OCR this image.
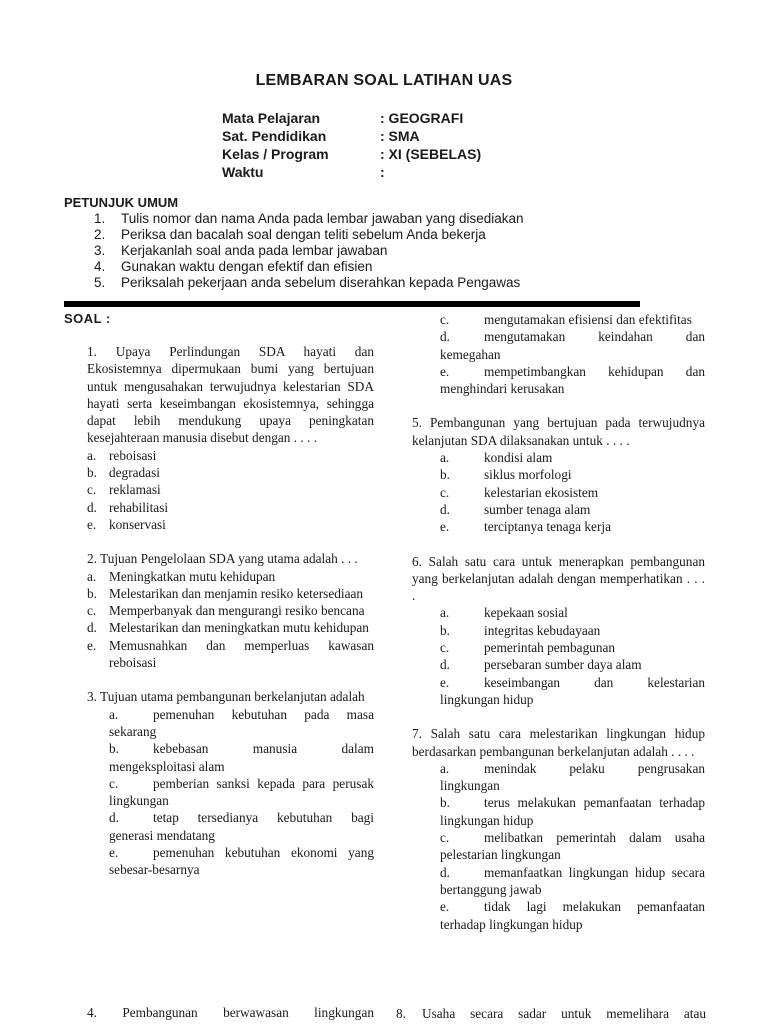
LEMBARAN SOAL LATIHAN UAS
Mata Pelajaran	: GEOGRAFI
Sat. Pendidikan	: SMA
Kelas / Program	: XI (SEBELAS)
Waktu	:
PETUNJUK UMUM
1.	Tulis nomor dan nama Anda pada lembar jawaban yang disediakan
2.	Periksa dan bacalah soal dengan teliti sebelum Anda bekerja
3.	Kerjakanlah soal anda pada lembar jawaban
4.	Gunakan waktu dengan efektif dan efisien
5.	Periksalah pekerjaan anda sebelum diserahkan kepada Pengawas
SOAL :
1. Upaya Perlindungan SDA hayati dan Ekosistemnya dipermukaan bumi yang bertujuan untuk mengusahakan terwujudnya kelestarian SDA hayati serta keseimbangan ekosistemnya, sehingga dapat lebih mendukung upaya peningkatan kesejahteraan manusia disebut dengan . . . .
a. reboisasi
b. degradasi
c. reklamasi
d. rehabilitasi
e. konservasi
2. Tujuan Pengelolaan SDA yang utama adalah . . .
a. Meningkatkan mutu kehidupan
b. Melestarikan dan menjamin resiko ketersediaan
c. Memperbanyak dan mengurangi resiko bencana
d. Melestarikan dan meningkatkan mutu kehidupan
e. Memusnahkan dan memperluas kawasan reboisasi
3. Tujuan utama pembangunan berkelanjutan adalah
a.	pemenuhan kebutuhan pada masa sekarang
b.	kebebasan manusia dalam mengeksploitasi alam
c.	pemberian sanksi kepada para perusak lingkungan
d.	tetap tersedianya kebutuhan bagi generasi mendatang
e.	pemenuhan kebutuhan ekonomi yang sebesar-besarnya
4. Pembangunan berwawasan lingkungan
c.	mengutamakan efisiensi dan efektifitas
d.	mengutamakan keindahan dan kemegahan
e.	mempetimbangkan kehidupan dan menghindari kerusakan
5. Pembangunan yang bertujuan pada terwujudnya kelanjutan SDA dilaksanakan untuk . . . .
a.	kondisi alam
b.	siklus morfologi
c.	kelestarian ekosistem
d.	sumber tenaga alam
e.	terciptanya tenaga kerja
6. Salah satu cara untuk menerapkan pembangunan yang berkelanjutan adalah dengan memperhatikan . . . .
a.	kepekaan sosial
b.	integritas kebudayaan
c.	pemerintah pembagunan
d.	persebaran sumber daya alam
e.	keseimbangan dan kelestarian lingkungan hidup
7. Salah satu cara melestarikan lingkungan hidup berdasarkan pembangunan berkelanjutan adalah . . . .
a.	menindak pelaku pengrusakan lingkungan
b.	terus melakukan pemanfaatan terhadap lingkungan hidup
c.	melibatkan pemerintah dalam usaha pelestarian lingkungan
d.	memanfaatkan lingkungan hidup secara bertanggung jawab
e.	tidak lagi melakukan pemanfaatan terhadap lingkungan hidup
8.	Usaha secara sadar untuk memelihara atau
